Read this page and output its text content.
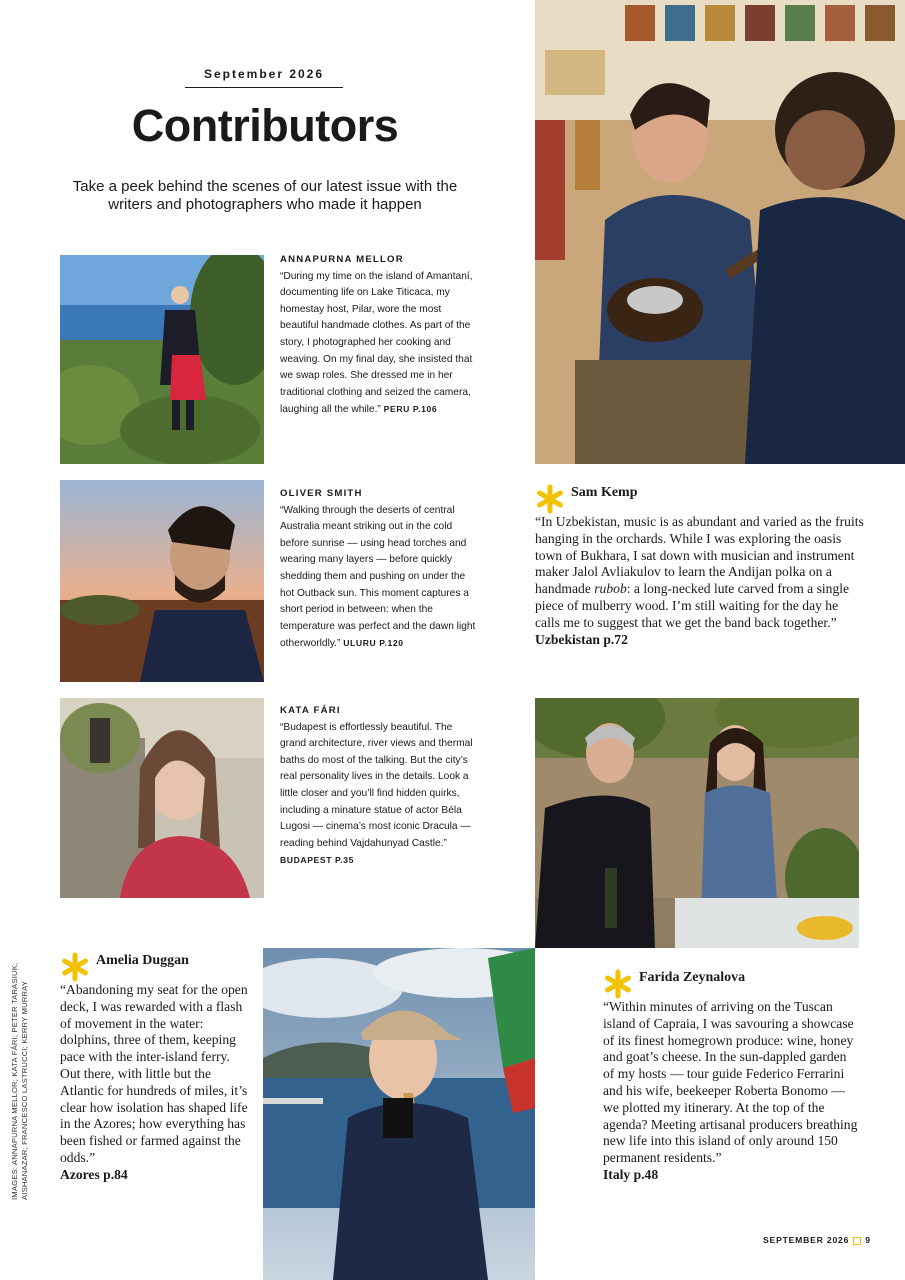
September 2026
Contributors
Take a peek behind the scenes of our latest issue with the writers and photographers who made it happen
ANNAPURNA MELLOR
“During my time on the island of Amantaní, documenting life on Lake Titicaca, my homestay host, Pilar, wore the most beautiful handmade clothes. As part of the story, I photographed her cooking and weaving. On my final day, she insisted that we swap roles. She dressed me in her traditional clothing and seized the camera, laughing all the while.” PERU P.106
OLIVER SMITH
“Walking through the deserts of central Australia meant striking out in the cold before sunrise — using head torches and wearing many layers — before quickly shedding them and pushing on under the hot Outback sun. This moment captures a short period in between: when the temperature was perfect and the dawn light otherworldly.” ULURU P.120
KATA FÁRI
“Budapest is effortlessly beautiful. The grand architecture, river views and thermal baths do most of the talking. But the city’s real personality lives in the details. Look a little closer and you’ll find hidden quirks, including a minature statue of actor Béla Lugosi — cinema’s most iconic Dracula — reading behind Vajdahunyad Castle.” BUDAPEST P.35
Sam Kemp
“In Uzbekistan, music is as abundant and varied as the fruits hanging in the orchards. While I was exploring the oasis town of Bukhara, I sat down with musician and instrument maker Jalol Avliakulov to learn the Andijan polka on a handmade rubob: a long-necked lute carved from a single piece of mulberry wood. I’m still waiting for the day he calls me to suggest that we get the band back together.”
Uzbekistan p.72
Farida Zeynalova
“Within minutes of arriving on the Tuscan island of Capraia, I was savouring a showcase of its finest homegrown produce: wine, honey and goat’s cheese. In the sun-dappled garden of my hosts — tour guide Federico Ferrarini and his wife, beekeeper Roberta Bonomo — we plotted my itinerary. At the top of the agenda? Meeting artisanal producers breathing new life into this island of only around 150 permanent residents.”
Italy p.48
Amelia Duggan
“Abandoning my seat for the open deck, I was rewarded with a flash of movement in the water: dolphins, three of them, keeping pace with the inter-island ferry. Out there, with little but the Atlantic for hundreds of miles, it’s clear how isolation has shaped life in the Azores; how everything has been fished or farmed against the odds.”
Azores p.84
IMAGES: ANNAPURNA MELLOR; KATA FÁRI; PETER TARASIUK; AISHANAZAR; FRANCESCO LASTRUCCI; KERRY MURRAY
SEPTEMBER 2026 9
